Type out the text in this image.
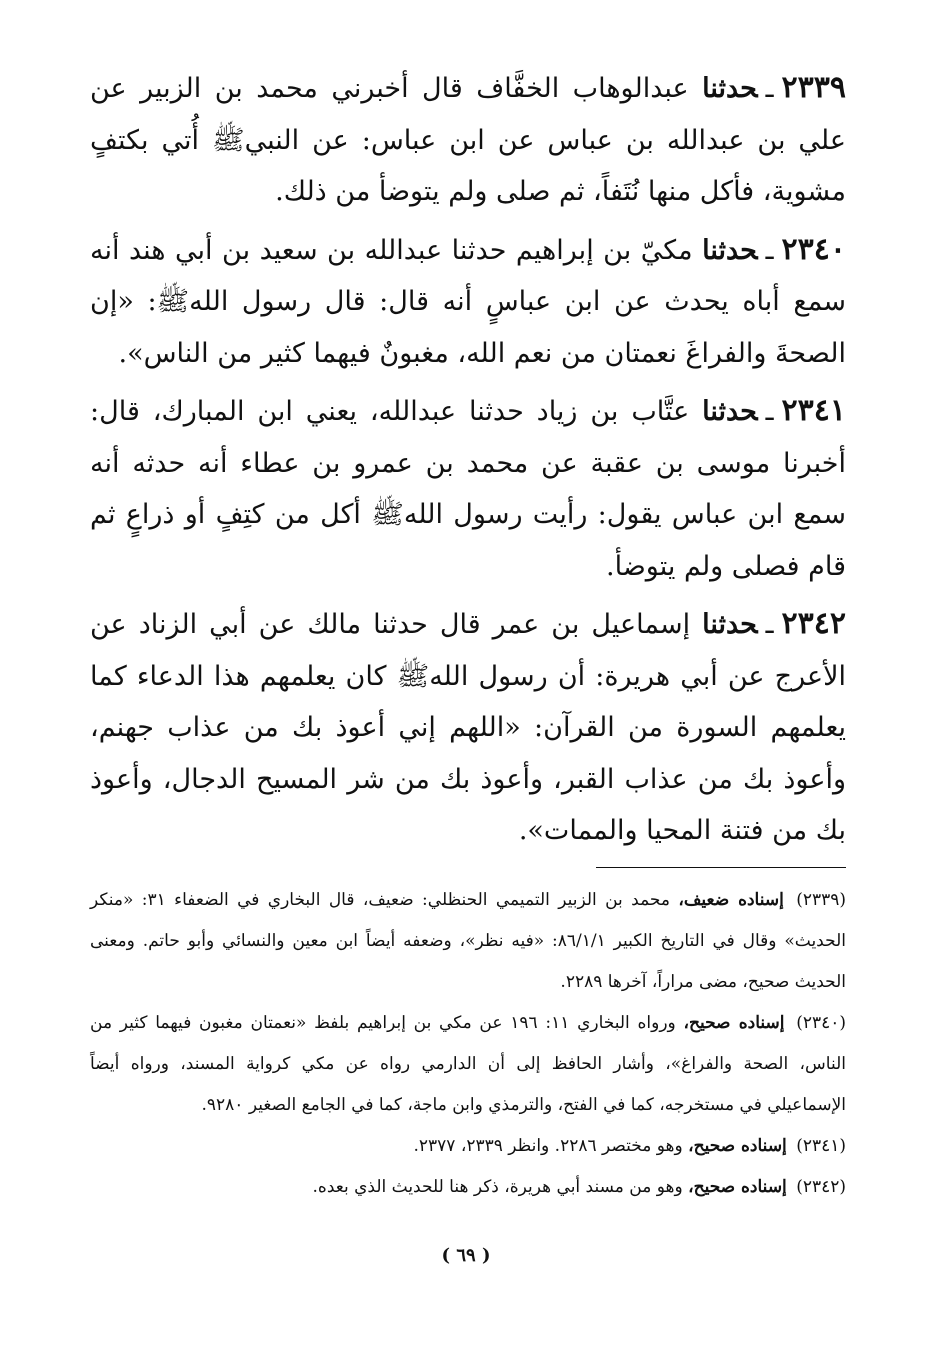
٢٣٣٩ـحدثنا عبدالوهاب الخفَّاف قال أخبرني محمد بن الزبير عن علي بن عبدالله بن عباس عن ابن عباس: عن النبيﷺ أُتي بكتفٍ مشوية، فأكل منها نُتَفاً، ثم صلى ولم يتوضأ من ذلك.

٢٣٤٠ـحدثنا مكيّ بن إبراهيم حدثنا عبدالله بن سعيد بن أبي هند أنه سمع أباه يحدث عن ابن عباسٍ أنه قال: قال رسول اللهﷺ: «إن الصحةَ والفراغَ نعمتان من نعم الله، مغبونٌ فيهما كثير من الناس».

٢٣٤١ـحدثنا عتَّاب بن زياد حدثنا عبدالله، يعني ابن المبارك، قال: أخبرنا موسى بن عقبة عن محمد بن عمرو بن عطاء أنه حدثه أنه سمع ابن عباس يقول: رأيت رسول اللهﷺ أكل من كتِفٍ أو ذراعٍ ثم قام فصلى ولم يتوضأ.

٢٣٤٢ـحدثنا إسماعيل بن عمر قال حدثنا مالك عن أبي الزناد عن الأعرج عن أبي هريرة: أن رسول اللهﷺ كان يعلمهم هذا الدعاء كما يعلمهم السورة من القرآن: «اللهم إني أعوذ بك من عذاب جهنم، وأعوذ بك من عذاب القبر، وأعوذ بك من شر المسيح الدجال، وأعوذ بك من فتنة المحيا والممات».

(٢٣٣٩) إسناده ضعيف، محمد بن الزبير التميمي الحنظلي: ضعيف، قال البخاري في الضعفاء ٣١: «منكر الحديث» وقال في التاريخ الكبير ٨٦/١/١: «فيه نظر»، وضعفه أيضاً ابن معين والنسائي وأبو حاتم. ومعنى الحديث صحيح، مضى مراراً، آخرها ٢٢٨٩.

(٢٣٤٠) إسناده صحيح، ورواه البخاري ١١: ١٩٦ عن مكي بن إبراهيم بلفظ «نعمتان مغبون فيهما كثير من الناس، الصحة والفراغ»، وأشار الحافظ إلى أن الدارمي رواه عن مكي كرواية المسند، ورواه أيضاً الإسماعيلي في مستخرجه، كما في الفتح، والترمذي وابن ماجة، كما في الجامع الصغير ٩٢٨٠.

(٢٣٤١) إسناده صحيح، وهو مختصر ٢٢٨٦. وانظر ٢٣٣٩، ٢٣٧٧.

(٢٣٤٢) إسناده صحيح، وهو من مسند أبي هريرة، ذكر هنا للحديث الذي بعده.

( ٦٩ )
